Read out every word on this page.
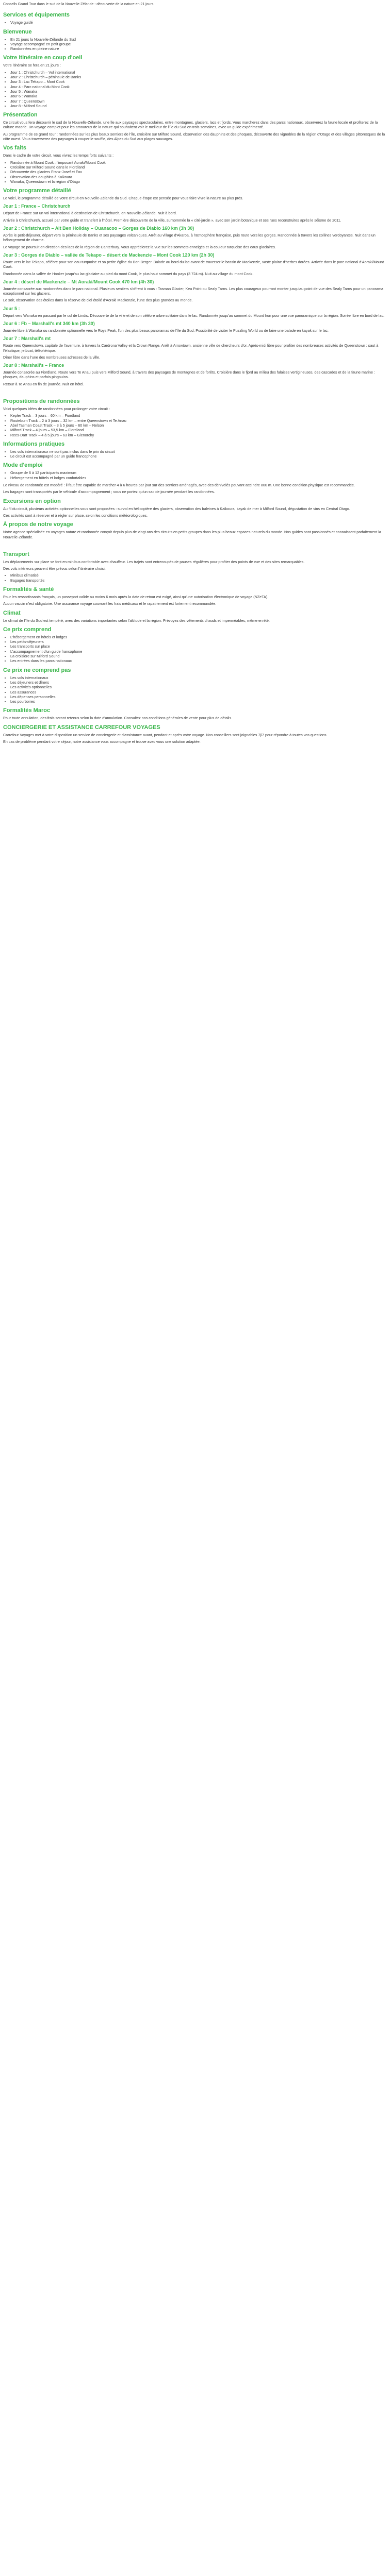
Conseils Grand Tour dans le sud de la Nouvelle-Zélande : découverte de la nature en 21 jours
Services et équipements
• Voyage guidé
Bienvenue
• En 21 jours la Nouvelle-Zélande du Sud
• Voyage accompagné en petit groupe
• Randonnées en pleine nature
Votre itinéraire en coup d'oeil

Votre itinéraire se fera en 21 jours :

• Jour 1 : Christchurch – Vol international
• Jour 2 : Christchurch – péninsule de Banks
• Jour 3 : Lac Tekapo – Mont Cook
• Jour 4 : Parc national du Mont Cook
• Jour 5 : Wanaka
• Jour 6 : Wanaka
• Jour 7 : Queenstown
• Jour 8 : Milford Sound
Présentation

Ce circuit vous fera découvrir le sud de la Nouvelle-Zélande, une île aux paysages spectaculaires, entre montagnes, glaciers, lacs et fjords. Vous marcherez dans des parcs nationaux, observerez la faune locale et profiterez de la culture maorie. Un voyage complet pour les amoureux de la nature qui souhaitent voir le meilleur de l'île du Sud en trois semaines, avec un guide expérimenté.

Au programme de ce grand tour : randonnées sur les plus beaux sentiers de l'île, croisière sur Milford Sound, observation des dauphins et des phoques, découverte des vignobles de la région d'Otago et des villages pittoresques de la côte ouest. Vous traverserez des paysages à couper le souffle, des Alpes du Sud aux plages sauvages.

Vos faits

Dans le cadre de votre circuit, vous vivrez les temps forts suivants :

• Randonnée à Mount Cook : l'imposant Aoraki/Mount Cook
• Croisière sur Milford Sound dans le Fiordland
• Découverte des glaciers Franz-Josef et Fox
• Observation des dauphins à Kaikoura
• Wanaka, Queenstown et la région d'Otago
Votre programme détaillé

Le voici, le programme détaillé de votre circuit en Nouvelle-Zélande du Sud. Chaque étape est pensée pour vous faire vivre la nature au plus près.

Jour 1 : France – Christchurch

Départ de France sur un vol international à destination de Christchurch, en Nouvelle-Zélande. Nuit à bord.

Arrivée à Christchurch, accueil par votre guide et transfert à l'hôtel. Première découverte de la ville, surnommée la « cité-jardin », avec son jardin botanique et ses rues reconstruites après le séisme de 2011.

Jour 2 : Christchurch – Alt Ben Holiday – Ouanacoo – Gorges de Diablo 160 km (3h 30)

Après le petit-déjeuner, départ vers la péninsule de Banks et ses paysages volcaniques. Arrêt au village d'Akaroa, à l'atmosphère française, puis route vers les gorges. Randonnée à travers les collines verdoyantes. Nuit dans un hébergement de charme.

Le voyage se poursuit en direction des lacs de la région de Canterbury. Vous apprécierez la vue sur les sommets enneigés et la couleur turquoise des eaux glaciaires.

Jour 3 : Gorges de Diablo – vallée de Tekapo – désert de Mackenzie – Mont Cook 120 km (2h 30)

Route vers le lac Tekapo, célèbre pour son eau turquoise et sa petite église du Bon Berger. Balade au bord du lac avant de traverser le bassin de Mackenzie, vaste plaine d'herbes dorées. Arrivée dans le parc national d'Aoraki/Mount Cook.

Randonnée dans la vallée de Hooker jusqu'au lac glaciaire au pied du mont Cook, le plus haut sommet du pays (3 724 m). Nuit au village du mont Cook.

Jour 4 : désert de Mackenzie – Mt Aoraki/Mount Cook 470 km (4h 30)

Journée consacrée aux randonnées dans le parc national. Plusieurs sentiers s'offrent à vous : Tasman Glacier, Kea Point ou Sealy Tarns. Les plus courageux pourront monter jusqu'au point de vue des Sealy Tarns pour un panorama exceptionnel sur les glaciers.

Le soir, observation des étoiles dans la réserve de ciel étoilé d'Aoraki Mackenzie, l'une des plus grandes au monde.

Jour 5 :

Départ vers Wanaka en passant par le col de Lindis. Découverte de la ville et de son célèbre arbre solitaire dans le lac. Randonnée jusqu'au sommet du Mount Iron pour une vue panoramique sur la région. Soirée libre en bord de lac.

Jour 6 : Fb – Marshall's mt 340 km (3h 30)

Journée libre à Wanaka ou randonnée optionnelle vers le Roys Peak, l'un des plus beaux panoramas de l'île du Sud. Possibilité de visiter le Puzzling World ou de faire une balade en kayak sur le lac.

Jour 7 : Marshall's mt

Route vers Queenstown, capitale de l'aventure, à travers la Cardrona Valley et la Crown Range. Arrêt à Arrowtown, ancienne ville de chercheurs d'or. Après-midi libre pour profiter des nombreuses activités de Queenstown : saut à l'élastique, jetboat, téléphérique.

Dîner libre dans l'une des nombreuses adresses de la ville.

Jour 8 : Marshall's – France

Journée consacrée au Fiordland. Route vers Te Anau puis vers Milford Sound, à travers des paysages de montagnes et de forêts. Croisière dans le fjord au milieu des falaises vertigineuses, des cascades et de la faune marine : phoques, dauphins et parfois pingouins.

Retour à Te Anau en fin de journée. Nuit en hôtel.

Propositions de randonnées

Voici quelques idées de randonnées pour prolonger votre circuit :

• Kepler Track – 3 jours – 60 km – Fiordland
• Routeburn Track – 2 à 3 jours – 32 km – entre Queenstown et Te Anau
• Abel Tasman Coast Track – 3 à 5 jours – 60 km – Nelson
• Milford Track – 4 jours – 53,5 km – Fiordland
• Rees-Dart Track – 4 à 5 jours – 63 km – Glenorchy
Informations pratiques
• Les vols internationaux ne sont pas inclus dans le prix du circuit
• Le circuit est accompagné par un guide francophone
Mode d'emploi
• Groupe de 6 à 12 participants maximum
• Hébergement en hôtels et lodges confortables

Le niveau de randonnée est modéré : il faut être capable de marcher 4 à 6 heures par jour sur des sentiers aménagés, avec des dénivelés pouvant atteindre 800 m. Une bonne condition physique est recommandée.

Les bagages sont transportés par le véhicule d'accompagnement ; vous ne portez qu'un sac de journée pendant les randonnées.

Excursions en option

Au fil du circuit, plusieurs activités optionnelles vous sont proposées : survol en hélicoptère des glaciers, observation des baleines à Kaikoura, kayak de mer à Milford Sound, dégustation de vins en Central Otago.

Ces activités sont à réserver et à régler sur place, selon les conditions météorologiques.

À propos de notre voyage

Notre agence spécialisée en voyages nature et randonnée conçoit depuis plus de vingt ans des circuits en petits groupes dans les plus beaux espaces naturels du monde. Nos guides sont passionnés et connaissent parfaitement la Nouvelle-Zélande.

Transport

Les déplacements sur place se font en minibus confortable avec chauffeur. Les trajets sont entrecoupés de pauses régulières pour profiter des points de vue et des sites remarquables.

Des vols intérieurs peuvent être prévus selon l'itinéraire choisi.

• Minibus climatisé
• Bagages transportés
Formalités & santé

Pour les ressortissants français, un passeport valide au moins 6 mois après la date de retour est exigé, ainsi qu'une autorisation électronique de voyage (NZeTA).

Aucun vaccin n'est obligatoire. Une assurance voyage couvrant les frais médicaux et le rapatriement est fortement recommandée.

Climat

Le climat de l'île du Sud est tempéré, avec des variations importantes selon l'altitude et la région. Prévoyez des vêtements chauds et imperméables, même en été.

Ce prix comprend
• L'hébergement en hôtels et lodges
• Les petits-déjeuners
• Les transports sur place
• L'accompagnement d'un guide francophone
• La croisière sur Milford Sound
• Les entrées dans les parcs nationaux
Ce prix ne comprend pas
• Les vols internationaux
• Les déjeuners et dîners
• Les activités optionnelles
• Les assurances
• Les dépenses personnelles
• Les pourboires
Formalités Maroc

Pour toute annulation, des frais seront retenus selon la date d'annulation. Consultez nos conditions générales de vente pour plus de détails.

CONCIERGERIE ET ASSISTANCE CARREFOUR VOYAGES

Carrefour Voyages met à votre disposition un service de conciergerie et d'assistance avant, pendant et après votre voyage. Nos conseillers sont joignables 7j/7 pour répondre à toutes vos questions.

En cas de problème pendant votre séjour, notre assistance vous accompagne et trouve avec vous une solution adaptée.
